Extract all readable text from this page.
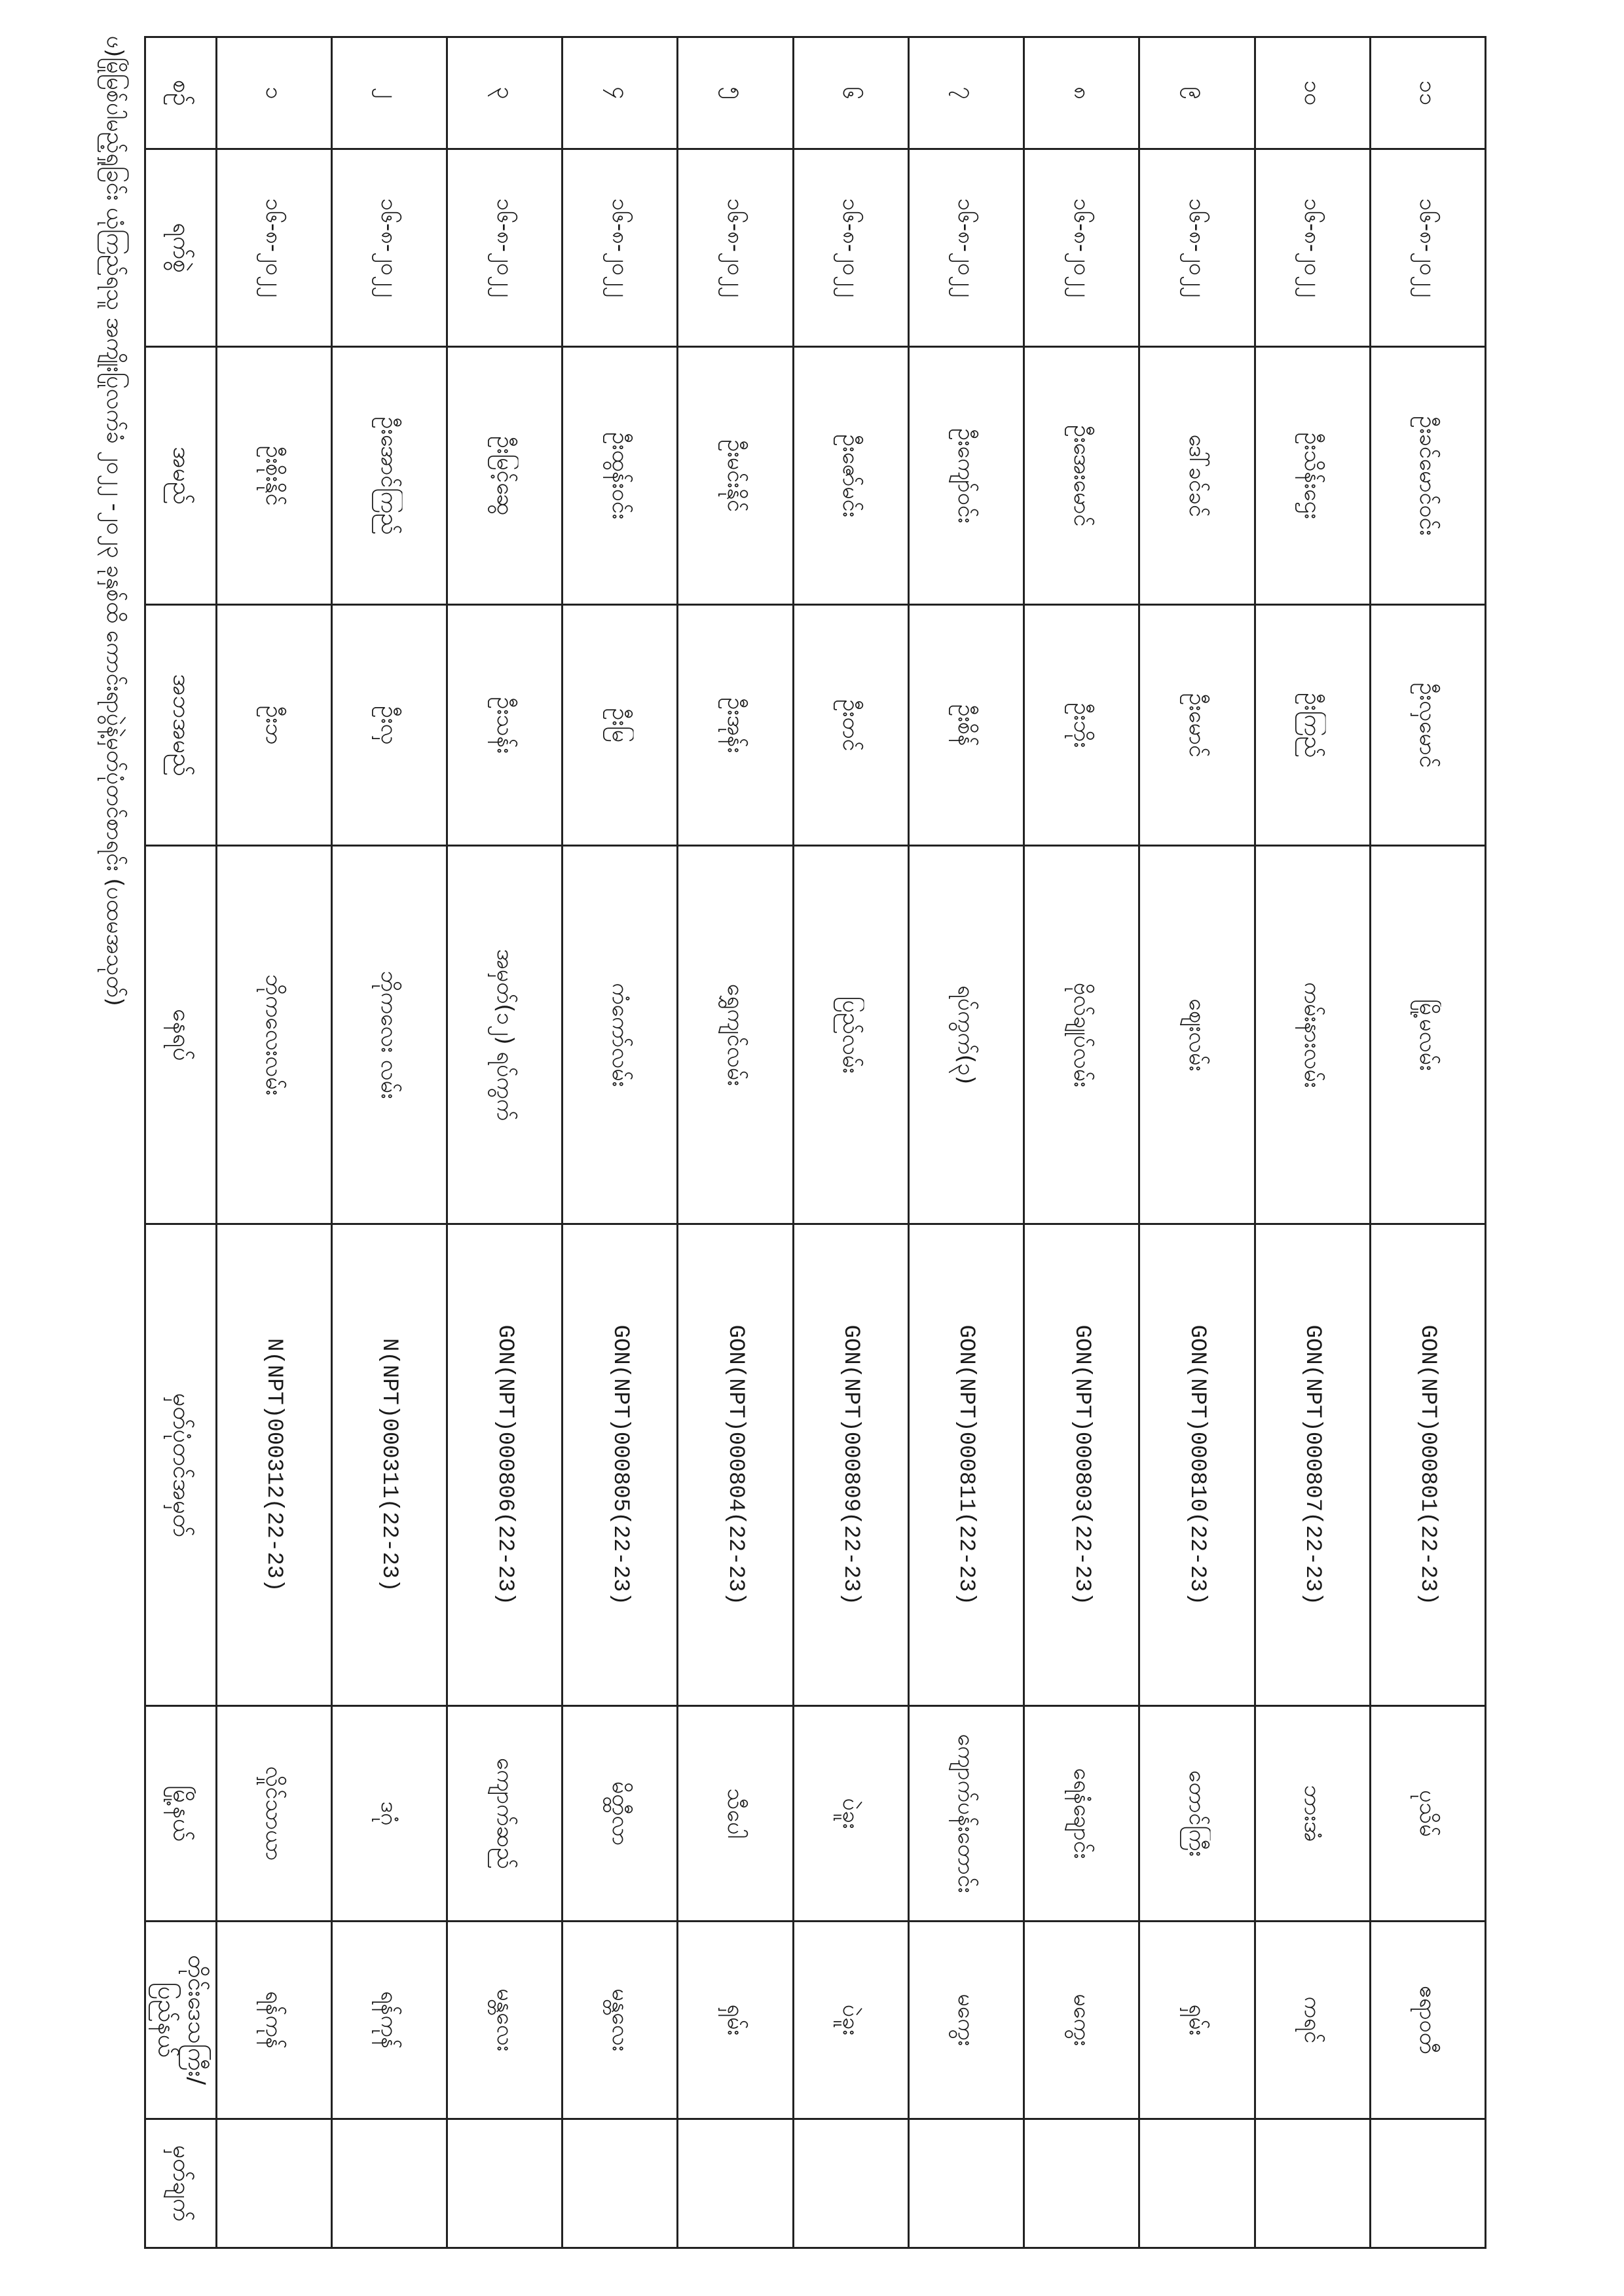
ၒ)မြိုမြစ်ပါမည့်ရှုခြင်း ယုံကြည်ရသူ အကျိုးပြုလက်ခံ ၂၀၂၂ -၂၀၂၃ ခုနှစ်ထိ ကောင်းရာပွဲနဲ့မှတ်ပုံတင်စာရင်း (ပထမအသုတ်) စဉ်	ရက်စွဲ	အမည်	အဘအမည်	နေရပ်	မှတ်ပုံတင်အမှတ်	မြို့နယ်	တိုင်းဒေသကြီး/ပြည်နယ်	မှတ်ချက်
၁	၁၆-၈-၂၀၂၂	ဦးစိုးနိုင်	ဦးဘ	ဘိုကလေးလမ်း	N(NPT)000312(22-23)	လှိုင်သာယာ	ရန်ကုန်	
၂	၁၆-၈-၂၀၂၂	ဦးအောင်ကြည်	ဦးလှ	ဘိုကလေး လမ်း	N(NPT)000311(22-23)	ဒဂုံ	ရန်ကုန်	
၃	၁၆-၈-၂၀၂၂	ဦးမြင့်ဆွေ	ဦးသန်း	အမှတ်(၁၂) ရပ်ကွက်	GON(NPT)000806(22-23)	ကျောက်ဆည်	မန္တလေး	
၄	၁၆-၈-၂၀၂၂	ဦးထွန်းဝင်း	ဦးမြ	ကံကော်လမ်း	GON(NPT)000805(22-23)	မိတ္ထီလာ	မန္တလေး	
၅	၁၆-၈-၂၀၂၂	ဦးမင်းနိုင်	ဦးအုန်း	ရွှေကျင်လမ်း	GON(NPT)000804(22-23)	သီပေါ	ရှမ်း	
၆	၁၆-၈-၂၀၂၂	ဦးဇော်မင်း	ဦးတင်	ပြည်လမ်း	GON(NPT)000809(22-23)	ပဲခူး	ပဲခူး	
၇	၁၆-၈-၂၀၂၂	ဦးကျော်ဝင်း	ဦးစိန်	ရပ်ကွက်(၃)	GON(NPT)000811(22-23)	ကျောက်ပန်းတောင်း	မကွေး	
၈	၁၆-၈-၂၀၂၂	ဦးအေးမောင်	ဦးဘိုး	ဗိုလ်ချုပ်လမ်း	GON(NPT)000803(22-23)	ရေနံချောင်း	မကွေး	
၉	၁၆-၈-၂၀၂၂	ဒေါ်ခင်ခင်	ဦးမောင်	ဈေးလမ်း	GON(NPT)000810(22-23)	တောင်ကြီး	ရှမ်း	
၁၀	၁၆-၈-၂၀၂၂	ဦးသိန်းဌေး	ဦးကြည်	ကမ်းနားလမ်း	GON(NPT)000807(22-23)	ဘားအံ	ကရင်	
၁၁	၁၆-၈-၂၀၂၂	ဦးခင်မောင်ဝင်း	ဦးလှမောင်	မြို့မလမ်း	GON(NPT)000801(22-23)	ပုသိမ်	ဧရာဝတီ	
